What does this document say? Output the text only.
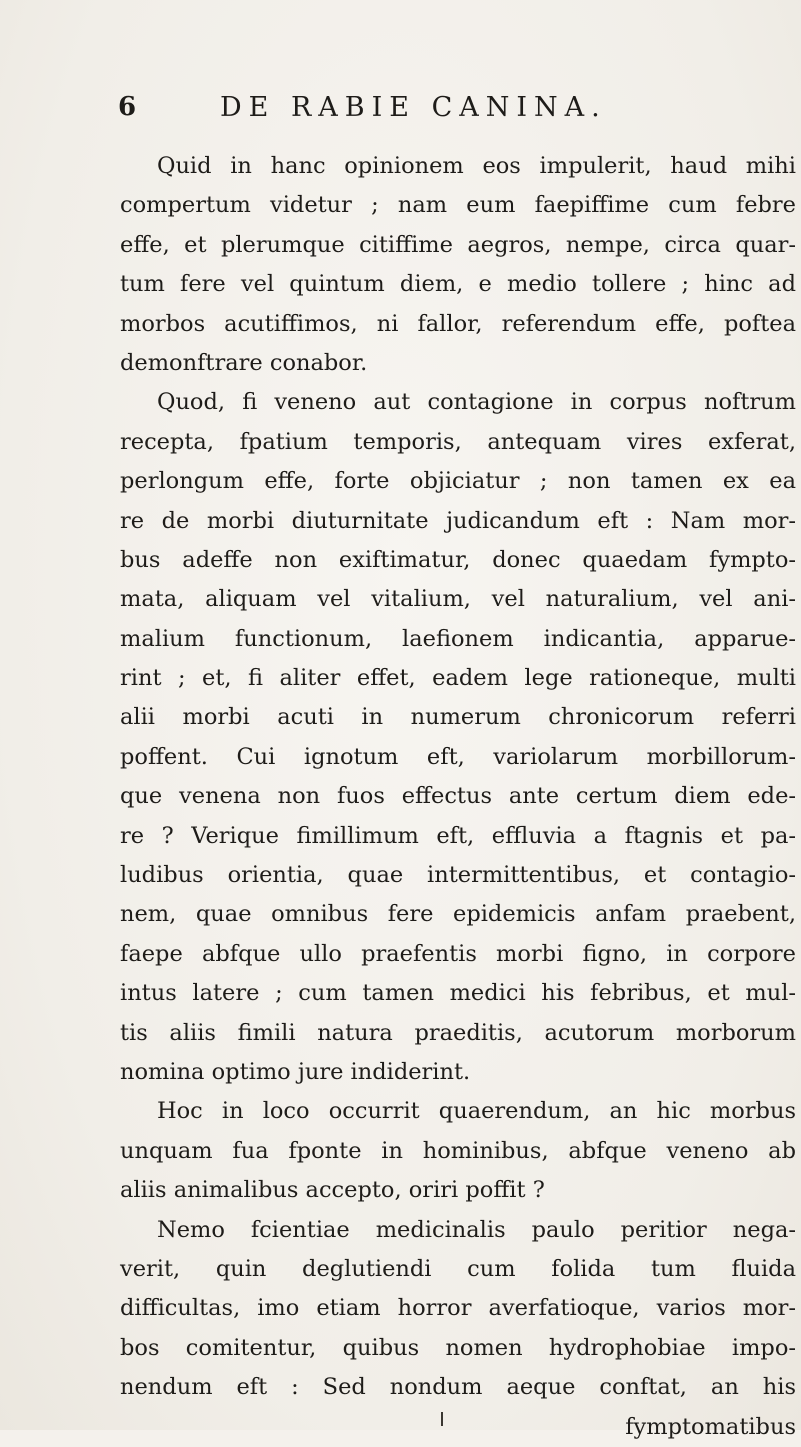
6	DE RABIE CANINA.
Quid in hanc opinionem eos impulerit, haud mihi
compertum videtur ; nam eum faepiffime cum febre
effe, et plerumque citiffime aegros, nempe, circa quar-
tum fere vel quintum diem, e medio tollere ; hinc ad
morbos acutiffimos, ni fallor, referendum effe, poftea
demonftrare conabor.
Quod, fi veneno aut contagione in corpus noftrum
recepta, fpatium temporis, antequam vires exferat,
perlongum effe, forte objiciatur ; non tamen ex ea
re de morbi diuturnitate judicandum eft : Nam mor-
bus adeffe non exiftimatur, donec quaedam fympto-
mata, aliquam vel vitalium, vel naturalium, vel ani-
malium functionum, laefionem indicantia, apparue-
rint ; et, fi aliter effet, eadem lege rationeque, multi
alii morbi acuti in numerum chronicorum referri
poffent. Cui ignotum eft, variolarum morbillorum-
que venena non fuos effectus ante certum diem ede-
re ? Verique fimillimum eft, effluvia a ftagnis et pa-
ludibus orientia, quae intermittentibus, et contagio-
nem, quae omnibus fere epidemicis anfam praebent,
faepe abfque ullo praefentis morbi figno, in corpore
intus latere ; cum tamen medici his febribus, et mul-
tis aliis fimili natura praeditis, acutorum morborum
nomina optimo jure indiderint.
Hoc in loco occurrit quaerendum, an hic morbus
unquam fua fponte in hominibus, abfque veneno ab
aliis animalibus accepto, oriri poffit ?
Nemo fcientiae medicinalis paulo peritior nega-
verit, quin deglutiendi cum folida tum fluida
difficultas, imo etiam horror averfatioque, varios mor-
bos comitentur, quibus nomen hydrophobiae impo-
nendum eft : Sed nondum aeque conftat, an his
fymptomatibus
